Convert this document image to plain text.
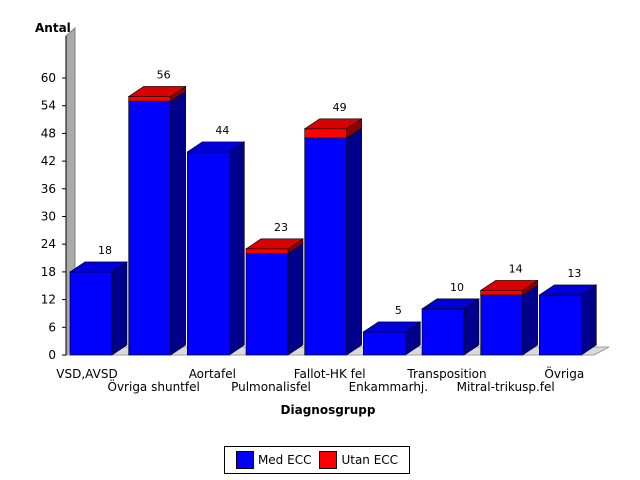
0
6
12
18
24
30
36
42
48
54
60
18
VSD,AVSD
56
Övriga shuntfel
44
Aortafel
23
Pulmonalisfel
49
Fallot-HK fel
5
Enkammarhj.
10
Transposition
14
Mitral-trikusp.fel
13
Övriga
Antal
Diagnosgrupp
Med ECC	Utan ECC
